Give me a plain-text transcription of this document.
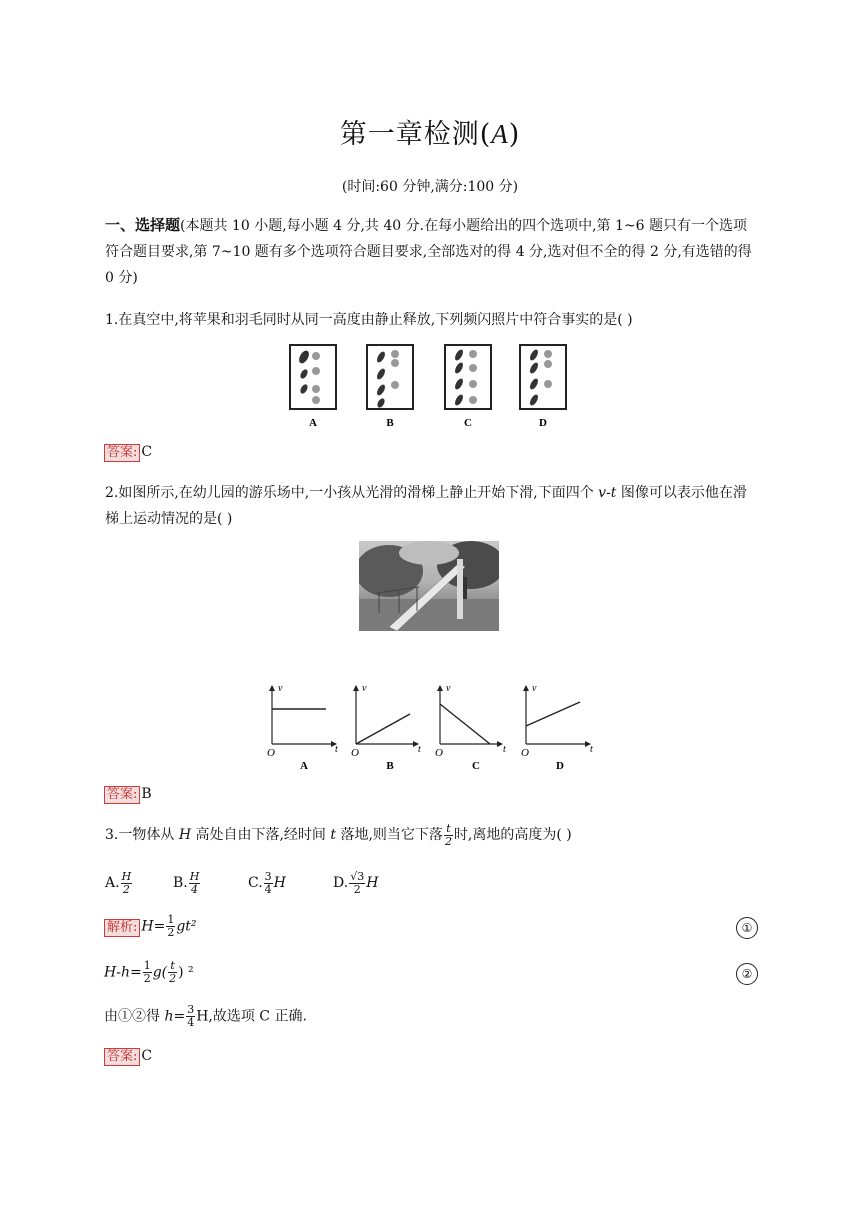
第一章检测(A)
(时间:60 分钟,满分:100 分)
一、选择题(本题共 10 小题,每小题 4 分,共 40 分.在每小题给出的四个选项中,第 1~6 题只有一个选项符合题目要求,第 7~10 题有多个选项符合题目要求,全部选对的得 4 分,选对但不全的得 2 分,有选错的得 0 分)
1.在真空中,将苹果和羽毛同时从同一高度由静止释放,下列频闪照片中符合事实的是( )
A	B	C	D
答案: C
2.如图所示,在幼儿园的游乐场中,一小孩从光滑的滑梯上静止开始下滑,下面四个 v-t 图像可以表示他在滑梯上运动情况的是( )
v
O	t
A
v
O	t
B
v
O	t
C
v
O	t
D
答案: B
3.一物体从 H 高处自由下落,经时间 t 落地,则当它下落 $\frac{t}{2}$ 时,离地的高度为( )
A. $\frac{H}{2}$	B. $\frac{H}{4}$	C. $\frac{3}{4}$ H	D. $\frac{√3}{2}$ H
解析: $H= \frac{1}{2} gt^2$	①
$H-h= \frac{1}{2} g( \frac{t}{2}$ ) ²	②
由①②得 $h= \frac{3}{4} H$,故选项 C 正确.
答案: C
